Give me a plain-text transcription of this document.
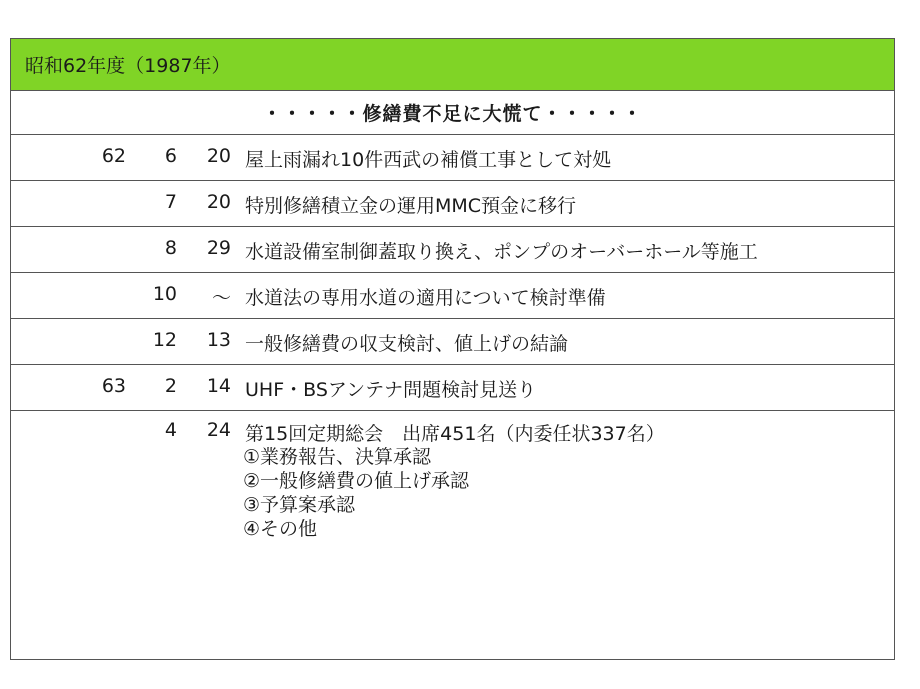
昭和62年度（1987年）
・・・・・修繕費不足に大慌て・・・・・
62 6 20 屋上雨漏れ10件西武の補償工事として対処
7 20 特別修繕積立金の運用MMC預金に移行
8 29 水道設備室制御蓋取り換え、ポンプのオーバーホール等施工
10 ～ 水道法の専用水道の適用について検討準備
12 13 一般修繕費の収支検討、値上げの結論
63 2 14 UHF・BSアンテナ問題検討見送り
4 24 第15回定期総会　出席451名（内委任状337名）
①業務報告、決算承認
②一般修繕費の値上げ承認
③予算案承認
④その他
